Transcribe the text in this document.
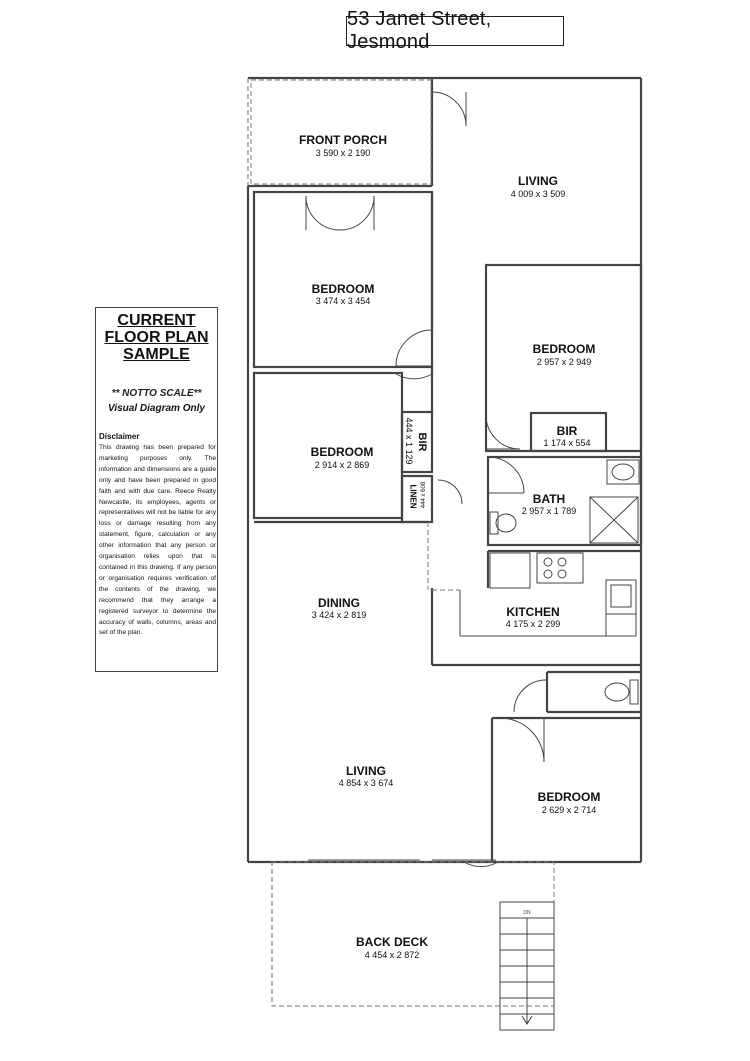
DN
53 Janet Street, Jesmond
CURRENT
FLOOR PLAN
SAMPLE
** NOTTO SCALE**
Visual Diagram Only
Disclaimer
This drawing has been prepared for marketing purposes only. The information and dimensions are a guide only and have been prepared in good faith and with due care. Reece Realty Newcastle, its employees, agents or representatives will not be liable for any loss or damage resulting from any statement, figure, calculation or any other information that any person or organisation relies upon that is contained in this drawing. If any person or organisation requires verification of the contents of the drawing, we recommend that they arrange a registered surveyor to determine the accuracy of walls, columns, areas and set of the plan.
FRONT PORCH
3 590 x 2 190
LIVING
4 009 x 3 509
BEDROOM
3 474 x 3 454
BEDROOM
2 957 x 2 949
BIR
1 174 x 554
BEDROOM
2 914 x 2 869
BIR
444 x 1 129
LINEN 444 x 608	BATH
2 957 x 1 789
DINING
3 424 x 2 819	KITCHEN
4 175 x 2 299
LIVING
4 854 x 3 674
BEDROOM
2 629 x 2 714
BACK DECK
4 454 x 2 872
